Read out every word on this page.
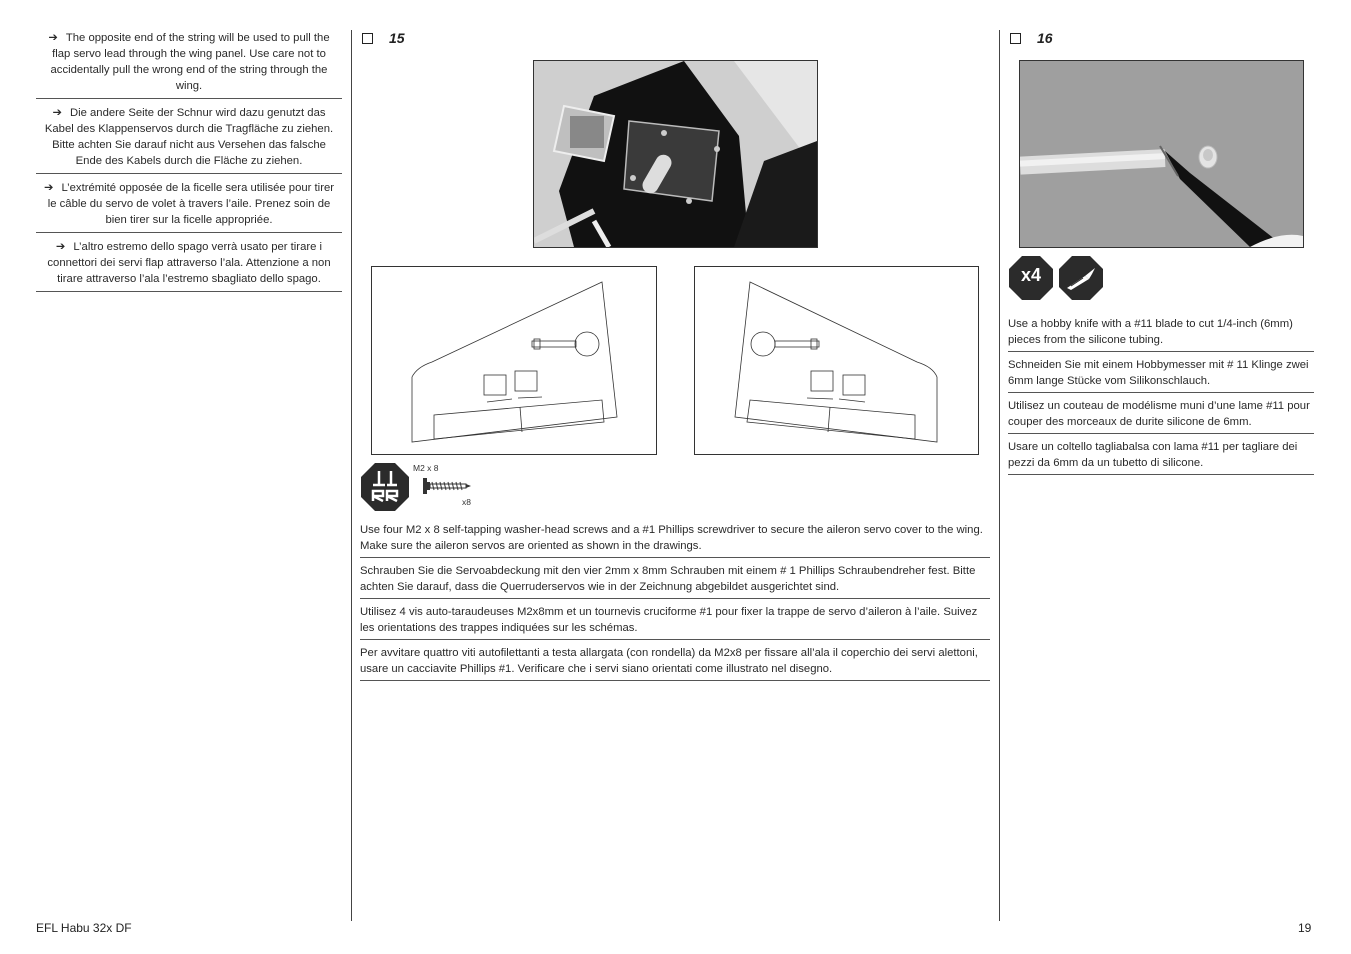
➔ The opposite end of the string will be used to pull the flap servo lead through the wing panel. Use care not to accidentally pull the wrong end of the string through the wing.
➔ Die andere Seite der Schnur wird dazu genutzt das Kabel des Klappenservos durch die Tragfläche zu ziehen. Bitte achten Sie darauf nicht aus Versehen das falsche Ende des Kabels durch die Fläche zu ziehen.
➔ L’extrémité opposée de la ficelle sera utilisée pour tirer le câble du servo de volet à travers l’aile. Prenez soin de bien tirer sur la ficelle appropriée.
➔ L’altro estremo dello spago verrà usato per tirare i connettori dei servi flap attraverso l’ala. Attenzione a non tirare attraverso l’ala l’estremo sbagliato dello spago.
15
M2 x 8
x8
Use four M2 x 8 self-tapping washer-head screws and a #1 Phillips screwdriver to secure the aileron servo cover to the wing. Make sure the aileron servos are oriented as shown in the drawings.
Schrauben Sie die Servoabdeckung mit den vier 2mm x 8mm Schrauben mit einem # 1 Phillips Schraubendreher fest. Bitte achten Sie darauf, dass die Querruderservos wie in der Zeichnung abgebildet ausgerichtet sind.
Utilisez 4 vis auto-taraudeuses M2x8mm et un tournevis cruciforme #1 pour fixer la trappe de servo d’aileron à l’aile. Suivez les orientations des trappes indiquées sur les schémas.
Per avvitare quattro viti autofilettanti a testa allargata (con rondella) da M2x8 per fissare all’ala il coperchio dei servi alettoni, usare un cacciavite Phillips #1. Verificare che i servi siano orientati come illustrato nel disegno.
16
x4
Use a hobby knife with a #11 blade to cut 1/4-inch (6mm) pieces from the silicone tubing.
Schneiden Sie mit einem Hobbymesser mit # 11 Klinge zwei 6mm lange Stücke vom Silikonschlauch.
Utilisez un couteau de modélisme muni d’une lame #11 pour couper des morceaux de durite silicone de 6mm.
Usare un coltello tagliabalsa con lama #11 per tagliare dei pezzi da 6mm da un tubetto di silicone.
EFL Habu 32x DF	19
